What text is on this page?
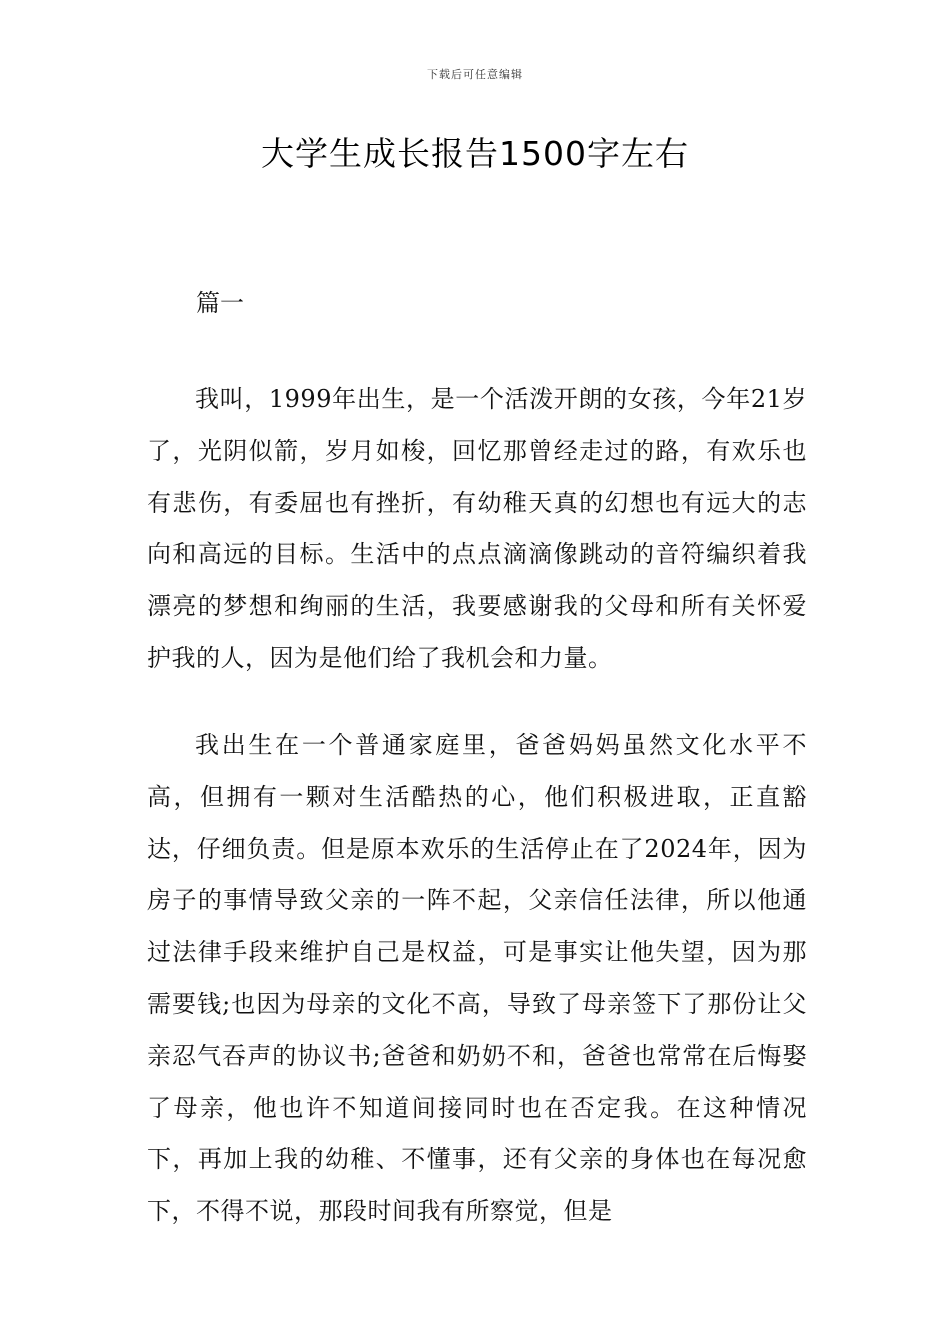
下载后可任意编辑
大学生成长报告1500字左右
篇一

我叫，1999年出生，是一个活泼开朗的女孩，今年21岁了，光阴似箭，岁月如梭，回忆那曾经走过的路，有欢乐也有悲伤，有委屈也有挫折，有幼稚天真的幻想也有远大的志向和高远的目标。生活中的点点滴滴像跳动的音符编织着我漂亮的梦想和绚丽的生活，我要感谢我的父母和所有关怀爱护我的人，因为是他们给了我机会和力量。

我出生在一个普通家庭里，爸爸妈妈虽然文化水平不高，但拥有一颗对生活酷热的心，他们积极进取，正直豁达，仔细负责。但是原本欢乐的生活停止在了2024年，因为房子的事情导致父亲的一阵不起，父亲信任法律，所以他通过法律手段来维护自己是权益，可是事实让他失望，因为那需要钱;也因为母亲的文化不高，导致了母亲签下了那份让父亲忍气吞声的协议书;爸爸和奶奶不和，爸爸也常常在后悔娶了母亲，他也许不知道间接同时也在否定我。在这种情况下，再加上我的幼稚、不懂事，还有父亲的身体也在每况愈下，不得不说，那段时间我有所察觉，但是
